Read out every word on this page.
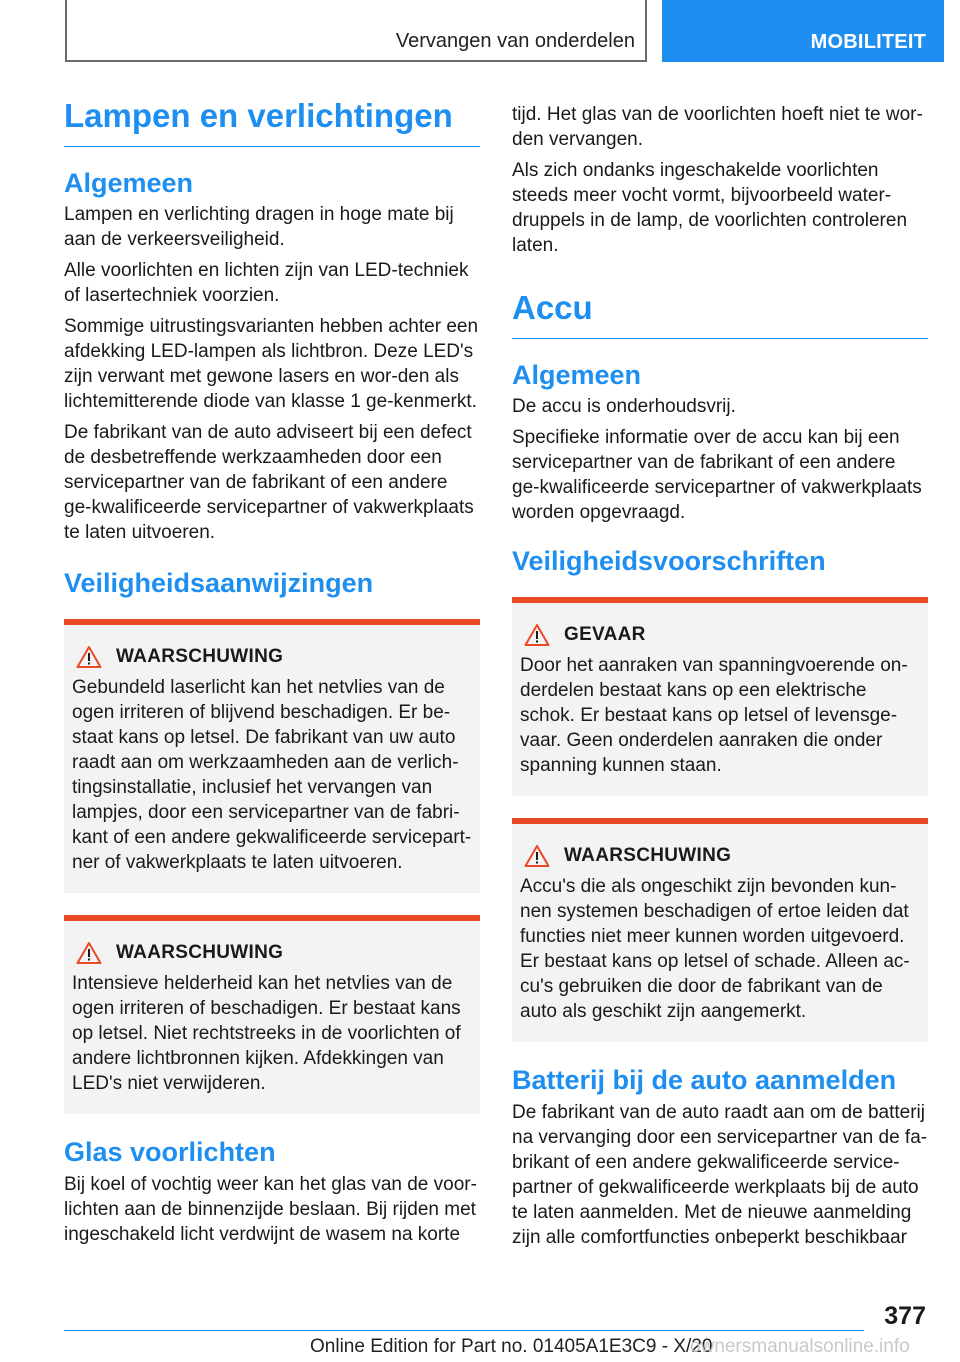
Vervangen van onderdelen	MOBILITEIT
Lampen en verlichtingen
Algemeen

Lampen en verlichting dragen in hoge mate bij aan de verkeersveiligheid.

Alle voorlichten en lichten zijn van LED-techniek of lasertechniek voorzien.

Sommige uitrustingsvarianten hebben achter een afdekking LED-lampen als lichtbron. Deze LED's zijn verwant met gewone lasers en wor‐den als lichtemitterende diode van klasse 1 ge‐kenmerkt.

De fabrikant van de auto adviseert bij een defect de desbetreffende werkzaamheden door een servicepartner van de fabrikant of een andere ge‐kwalificeerde servicepartner of vakwerkplaats te laten uitvoeren.

Veiligheidsaanwijzingen
WAARSCHUWING

Gebundeld laserlicht kan het netvlies van de ogen irriteren of blijvend beschadigen. Er be‐staat kans op letsel. De fabrikant van uw auto raadt aan om werkzaamheden aan de verlich‐tingsinstallatie, inclusief het vervangen van lampjes, door een servicepartner van de fabri‐kant of een andere gekwalificeerde servicepart‐ner of vakwerkplaats te laten uitvoeren.

WAARSCHUWING

Intensieve helderheid kan het netvlies van de ogen irriteren of beschadigen. Er bestaat kans op letsel. Niet rechtstreeks in de voorlichten of andere lichtbronnen kijken. Afdekkingen van LED's niet verwijderen.

Glas voorlichten

Bij koel of vochtig weer kan het glas van de voor‐lichten aan de binnenzijde beslaan. Bij rijden met ingeschakeld licht verdwijnt de wasem na korte

tijd. Het glas van de voorlichten hoeft niet te wor‐den vervangen.

Als zich ondanks ingeschakelde voorlichten steeds meer vocht vormt, bijvoorbeeld water‐druppels in de lamp, de voorlichten controleren laten.

Accu
Algemeen

De accu is onderhoudsvrij.

Specifieke informatie over de accu kan bij een servicepartner van de fabrikant of een andere ge‐kwalificeerde servicepartner of vakwerkplaats worden opgevraagd.

Veiligheidsvoorschriften
GEVAAR

Door het aanraken van spanningvoerende on‐derdelen bestaat kans op een elektrische schok. Er bestaat kans op letsel of levensge‐vaar. Geen onderdelen aanraken die onder spanning kunnen staan.

WAARSCHUWING

Accu's die als ongeschikt zijn bevonden kun‐nen systemen beschadigen of ertoe leiden dat functies niet meer kunnen worden uitgevoerd. Er bestaat kans op letsel of schade. Alleen ac‐cu's gebruiken die door de fabrikant van de auto als geschikt zijn aangemerkt.

Batterij bij de auto aanmelden

De fabrikant van de auto raadt aan om de batterij na vervanging door een servicepartner van de fa‐brikant of een andere gekwalificeerde service‐partner of gekwalificeerde werkplaats bij de auto te laten aanmelden. Met de nieuwe aanmelding zijn alle comfortfuncties onbeperkt beschikbaar

377
Online Edition for Part no. 01405A1E3C9 - X/20
ownersmanualsonline.info
